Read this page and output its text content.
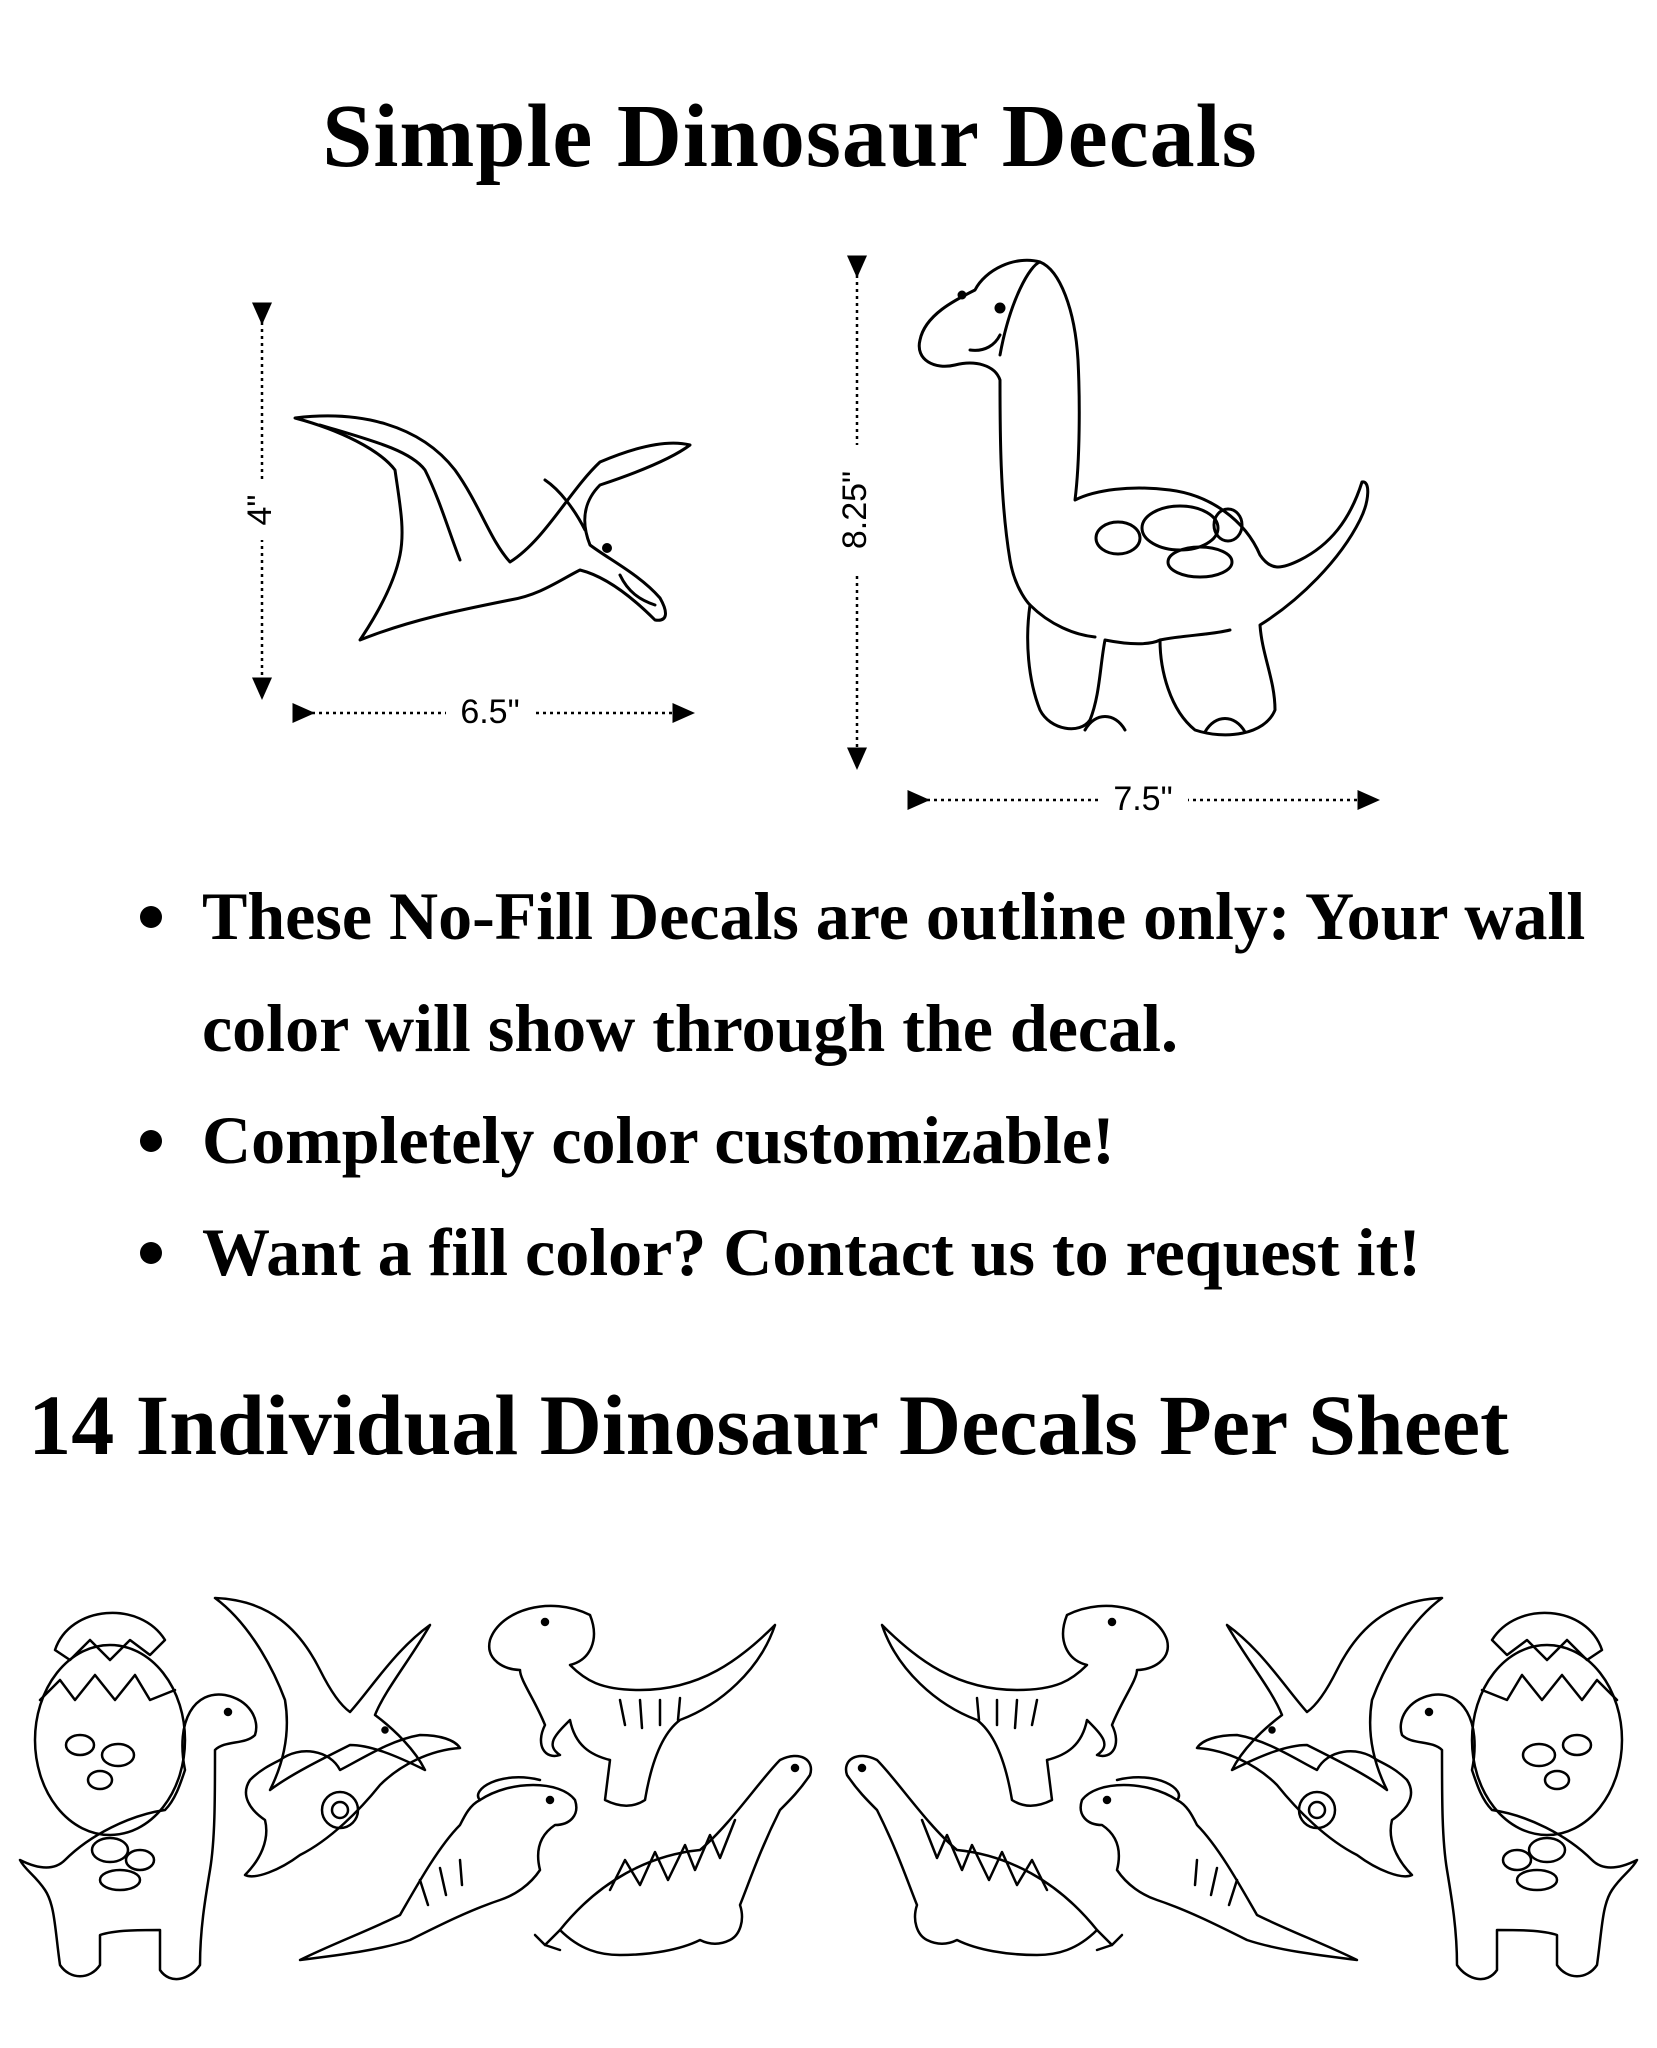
Simple Dinosaur Decals
4"
6.5"
8.25"
7.5"
These No-Fill Decals are outline only: Your wall color will show through the decal.
Completely color customizable!
Want a fill color? Contact us to request it!
14 Individual Dinosaur Decals Per Sheet
